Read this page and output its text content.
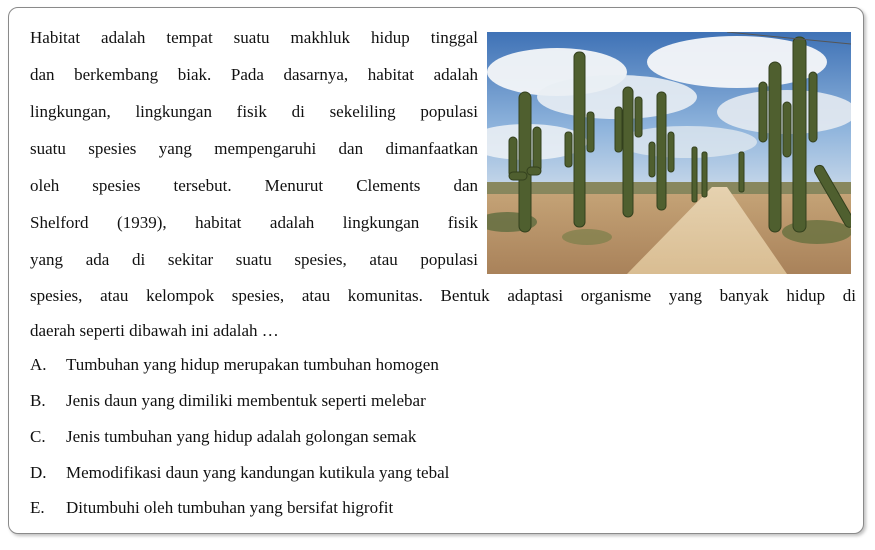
Habitat adalah tempat suatu makhluk hidup tinggal
dan berkembang biak. Pada dasarnya, habitat adalah
lingkungan, lingkungan fisik di sekeliling populasi
suatu spesies yang mempengaruhi dan dimanfaatkan
oleh spesies tersebut. Menurut Clements dan
Shelford (1939), habitat adalah lingkungan fisik
yang ada di sekitar suatu spesies, atau populasi
spesies, atau kelompok spesies, atau komunitas. Bentuk adaptasi organisme yang banyak hidup di
daerah seperti dibawah ini adalah …
A. Tumbuhan yang hidup merupakan tumbuhan homogen
B. Jenis daun yang dimiliki membentuk seperti melebar
C. Jenis tumbuhan yang hidup adalah golongan semak
D. Memodifikasi daun yang kandungan kutikula yang tebal
E. Ditumbuhi oleh tumbuhan yang bersifat higrofit
